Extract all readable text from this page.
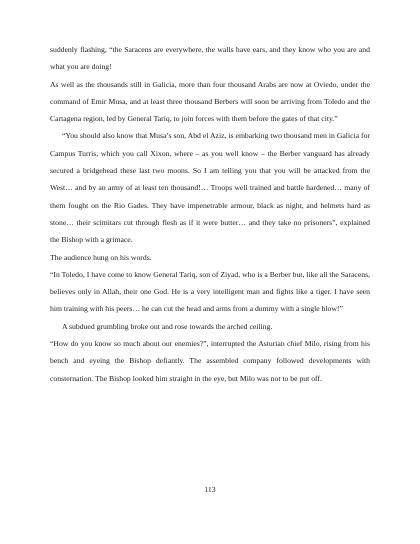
suddenly flashing, “the Saracens are everywhere, the walls have ears, and they know who you are and what you are doing!

As well as the thousands still in Galicia, more than four thousand Arabs are now at Oviedo, under the command of Emir Musa, and at least three thousand Berbers will soon be arriving from Toledo and the Cartagena region, led by General Tariq, to join forces with them before the gates of that city.”

“You should also know that Musa’s son, Abd el Aziz, is embarking two thousand men in Galicia for Campus Turris, which you call Xixon, where – as you well know – the Berber vanguard has already secured a bridgehead these last two moons. So I am telling you that you will be attacked from the West… and by an army of at least ten thousand!… Troops well trained and battle hardened… many of them fought on the Rio Gades. They have impenetrable armour, black as night, and helmets hard as stone… their scimitars cut through flesh as if it were butter… and they take no prisoners”, explained the Bishop with a grimace.

The audience hung on his words.

“In Toledo, I have come to know General Tariq, son of Ziyad, who is a Berber but, like all the Saracens, believes only in Allah, their one God. He is a very intelligent man and fights like a tiger. I have seen him training with his peers… he can cut the head and arms from a dummy with a single blow!”

A subdued grumbling broke out and rose towards the arched ceiling.

“How do you know so much about our enemies?”, interrupted the Asturian chief Milo, rising from his bench and eyeing the Bishop defiantly. The assembled company followed developments with consternation. The Bishop looked him straight in the eye, but Milo was not to be put off.

113
